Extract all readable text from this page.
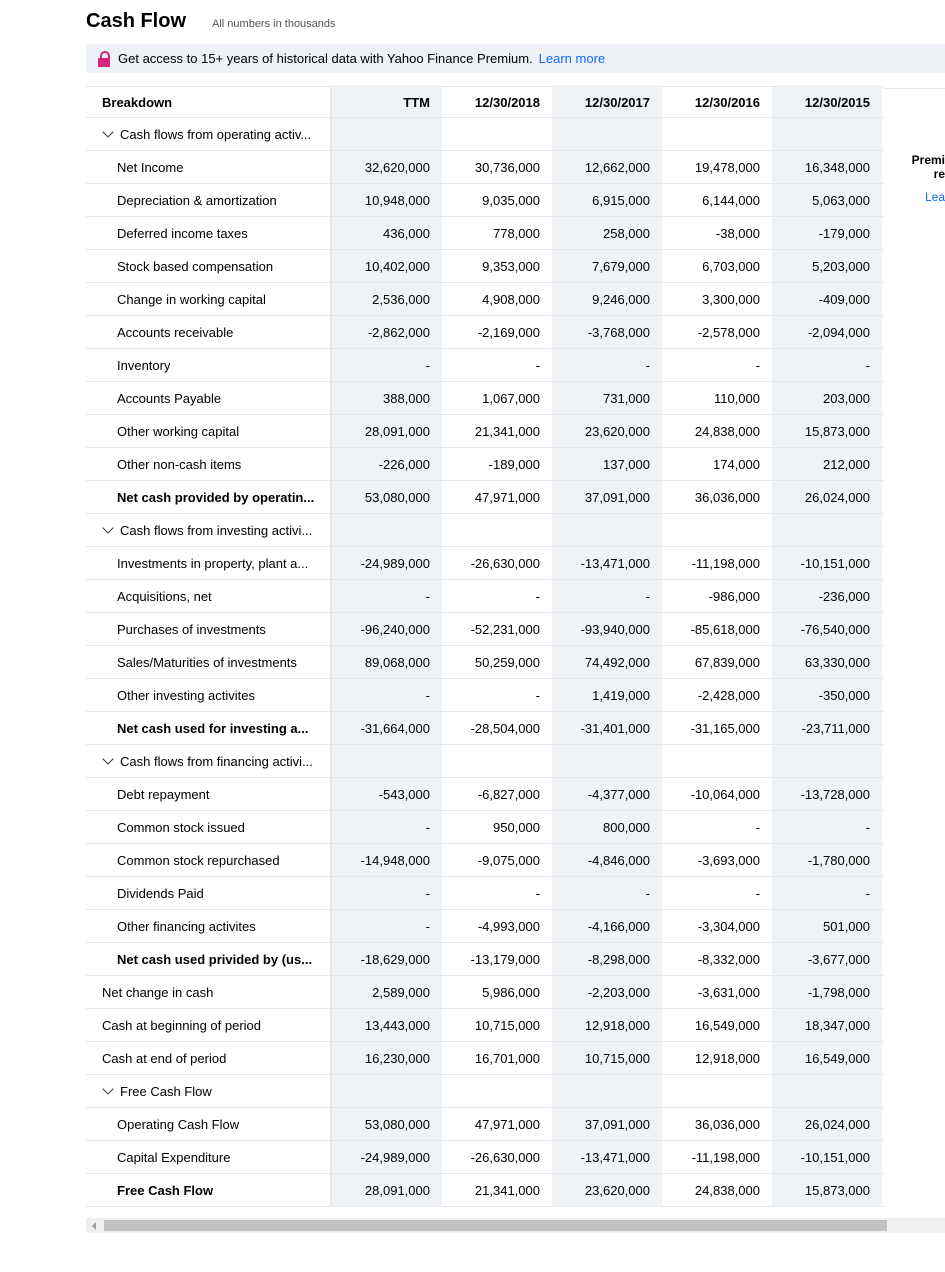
Cash Flow All numbers in thousands
Get access to 15+ years of historical data with Yahoo Finance Premium. Learn more
Breakdown	TTM	12/30/2018	12/30/2017	12/30/2016	12/30/2015
Cash flows from operating activ...
Net Income	32,620,000	30,736,000	12,662,000	19,478,000	16,348,000
Depreciation & amortization	10,948,000	9,035,000	6,915,000	6,144,000	5,063,000
Deferred income taxes	436,000	778,000	258,000	-38,000	-179,000
Stock based compensation	10,402,000	9,353,000	7,679,000	6,703,000	5,203,000
Change in working capital	2,536,000	4,908,000	9,246,000	3,300,000	-409,000
Accounts receivable	-2,862,000	-2,169,000	-3,768,000	-2,578,000	-2,094,000
Inventory	-	-	-	-	-
Accounts Payable	388,000	1,067,000	731,000	110,000	203,000
Other working capital	28,091,000	21,341,000	23,620,000	24,838,000	15,873,000
Other non-cash items	-226,000	-189,000	137,000	174,000	212,000
Net cash provided by operatin...	53,080,000	47,971,000	37,091,000	36,036,000	26,024,000
Cash flows from investing activi...
Investments in property, plant a...	-24,989,000	-26,630,000	-13,471,000	-11,198,000	-10,151,000
Acquisitions, net	-	-	-	-986,000	-236,000
Purchases of investments	-96,240,000	-52,231,000	-93,940,000	-85,618,000	-76,540,000
Sales/Maturities of investments	89,068,000	50,259,000	74,492,000	67,839,000	63,330,000
Other investing activites	-	-	1,419,000	-2,428,000	-350,000
Net cash used for investing a...	-31,664,000	-28,504,000	-31,401,000	-31,165,000	-23,711,000
Cash flows from financing activi...
Debt repayment	-543,000	-6,827,000	-4,377,000	-10,064,000	-13,728,000
Common stock issued	-	950,000	800,000	-	-
Common stock repurchased	-14,948,000	-9,075,000	-4,846,000	-3,693,000	-1,780,000
Dividends Paid	-	-	-	-	-
Other financing activites	-	-4,993,000	-4,166,000	-3,304,000	501,000
Net cash used privided by (us...	-18,629,000	-13,179,000	-8,298,000	-8,332,000	-3,677,000
Net change in cash	2,589,000	5,986,000	-2,203,000	-3,631,000	-1,798,000
Cash at beginning of period	13,443,000	10,715,000	12,918,000	16,549,000	18,347,000
Cash at end of period	16,230,000	16,701,000	10,715,000	12,918,000	16,549,000
Free Cash Flow
Operating Cash Flow	53,080,000	47,971,000	37,091,000	36,036,000	26,024,000
Capital Expenditure	-24,989,000	-26,630,000	-13,471,000	-11,198,000	-10,151,000
Free Cash Flow	28,091,000	21,341,000	23,620,000	24,838,000	15,873,000
Premi
re
Lea
